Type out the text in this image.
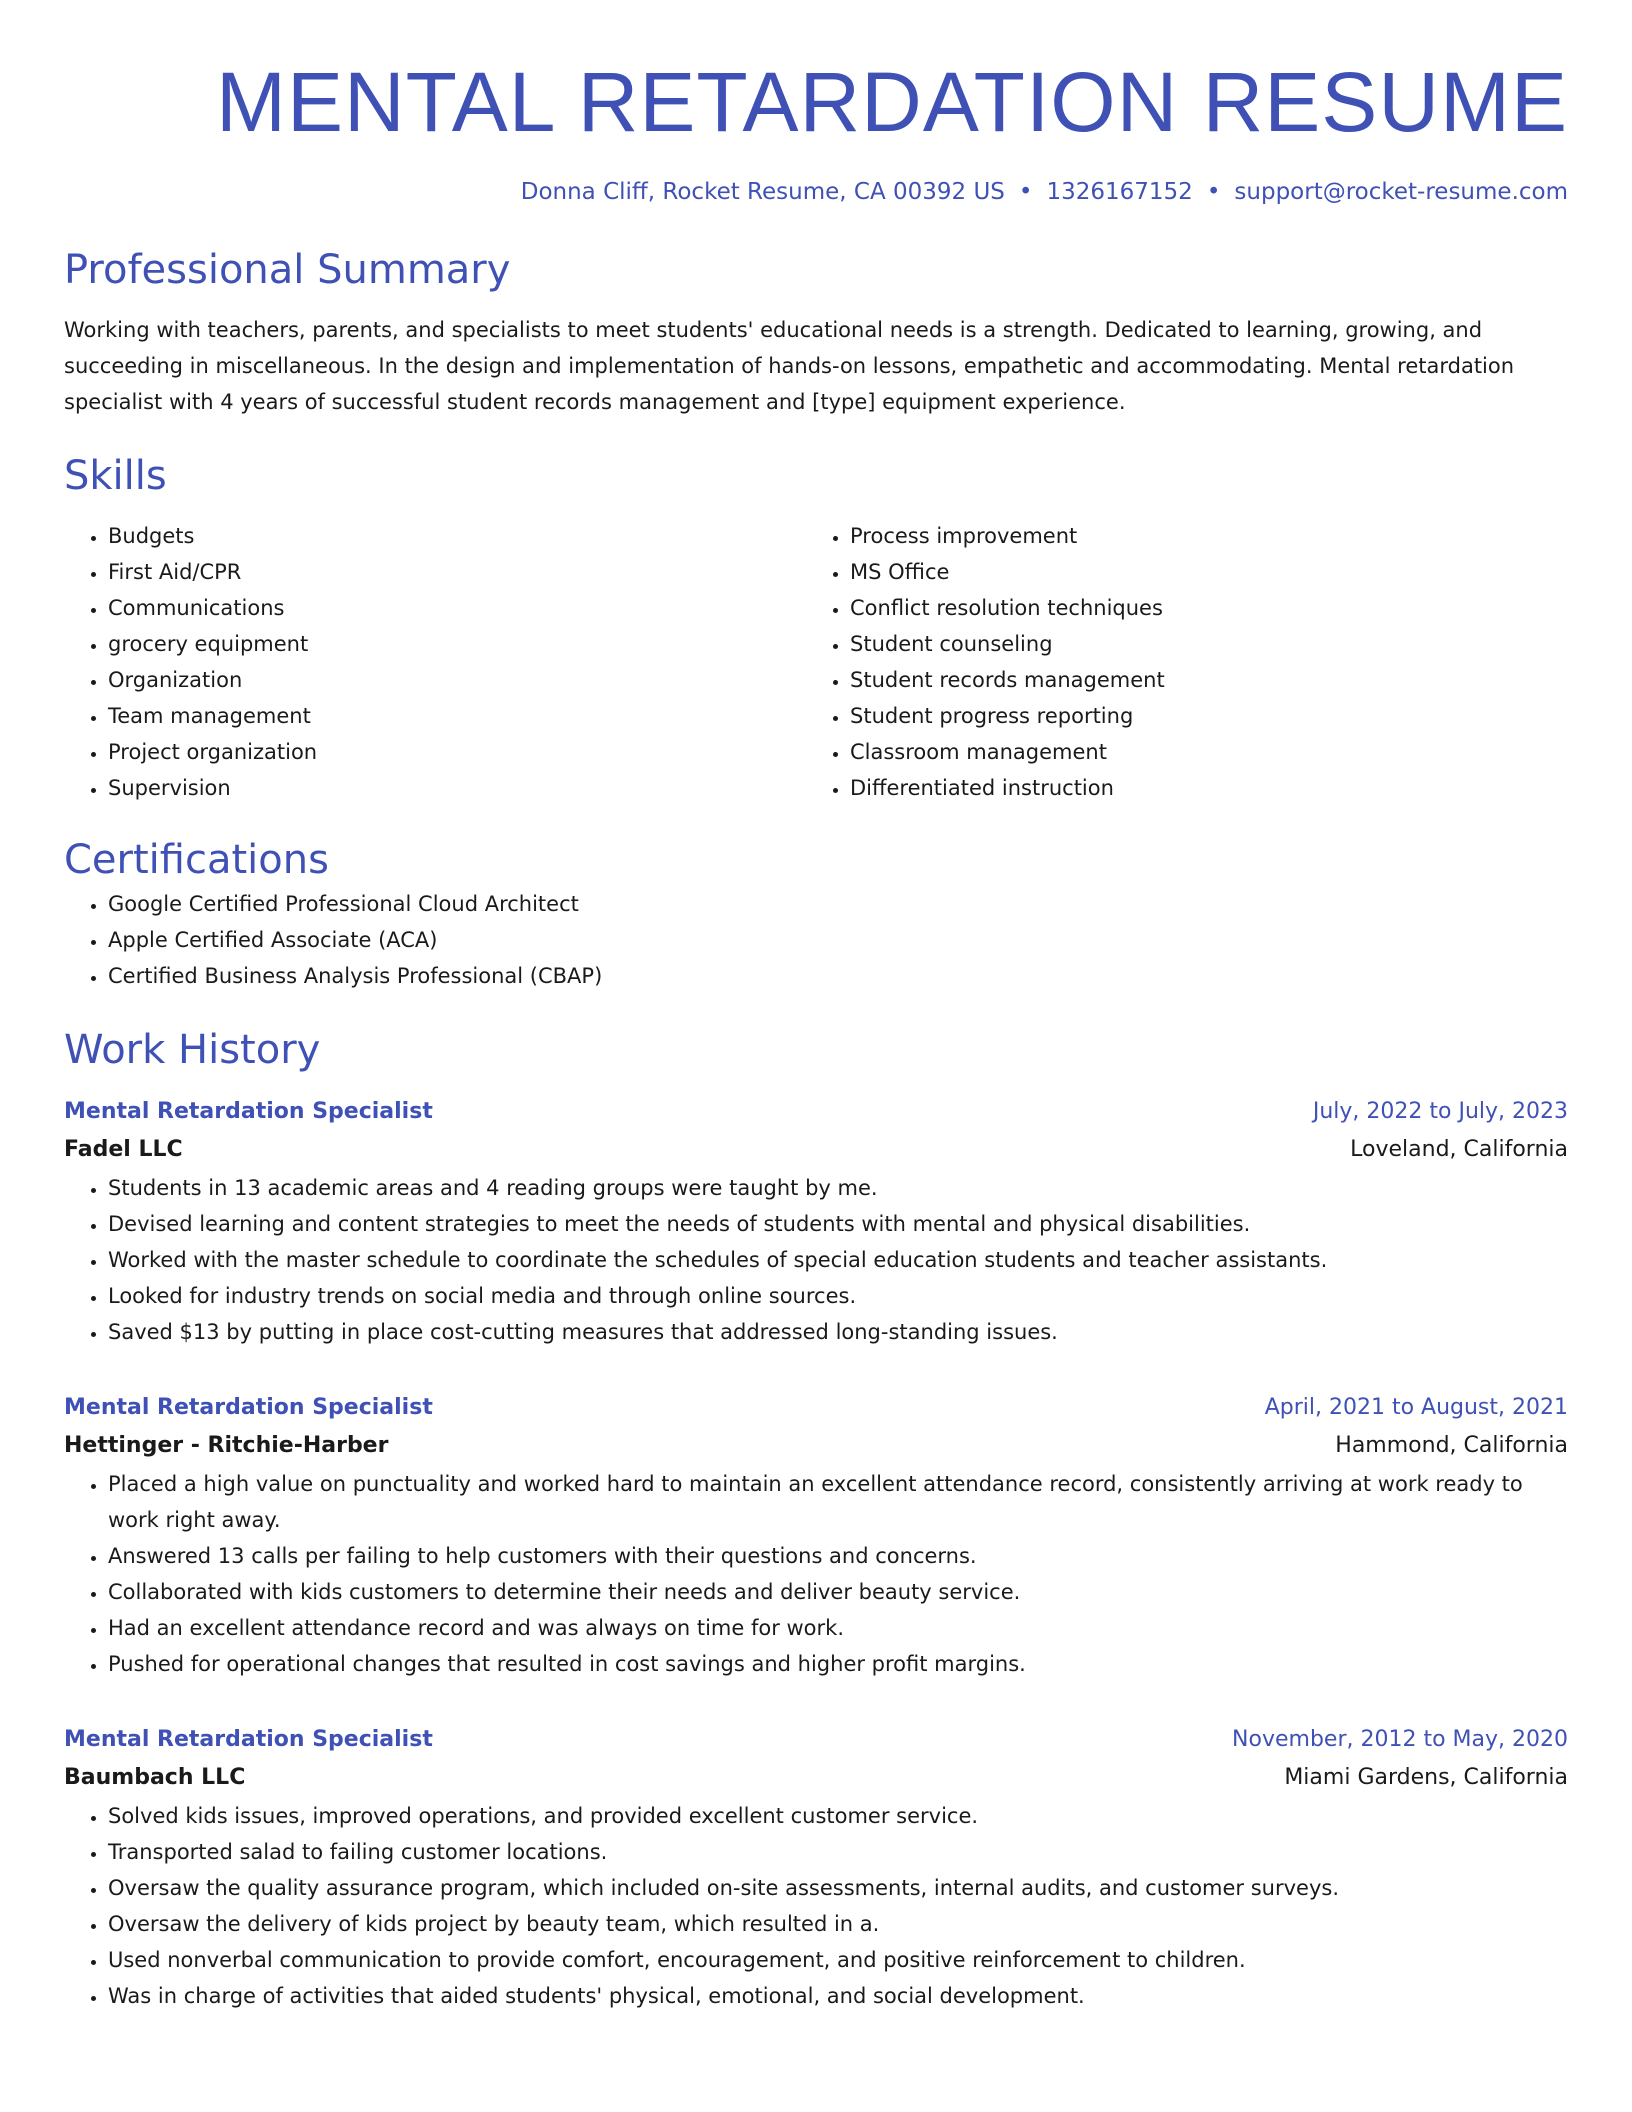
MENTAL RETARDATION RESUME
Donna Cliff, Rocket Resume, CA 00392 US • 1326167152 • support@rocket-resume.com
Professional Summary

Working with teachers, parents, and specialists to meet students' educational needs is a strength. Dedicated to learning, growing, and succeeding in miscellaneous. In the design and implementation of hands-on lessons, empathetic and accommodating. Mental retardation specialist with 4 years of successful student records management and [type] equipment experience.

Skills
• Budgets
• First Aid/CPR
• Communications
• grocery equipment
• Organization
• Team management
• Project organization
• Supervision
• Process improvement
• MS Office
• Conflict resolution techniques
• Student counseling
• Student records management
• Student progress reporting
• Classroom management
• Differentiated instruction
Certifications
• Google Certified Professional Cloud Architect
• Apple Certified Associate (ACA)
• Certified Business Analysis Professional (CBAP)
Work History
Mental Retardation Specialist	July, 2022 to July, 2023
Fadel LLC	Loveland, California
• Students in 13 academic areas and 4 reading groups were taught by me.
• Devised learning and content strategies to meet the needs of students with mental and physical disabilities.
• Worked with the master schedule to coordinate the schedules of special education students and teacher assistants.
• Looked for industry trends on social media and through online sources.
• Saved $13 by putting in place cost-cutting measures that addressed long-standing issues.
Mental Retardation Specialist	April, 2021 to August, 2021
Hettinger - Ritchie-Harber	Hammond, California
• Placed a high value on punctuality and worked hard to maintain an excellent attendance record, consistently arriving at work ready to work right away.
• Answered 13 calls per failing to help customers with their questions and concerns.
• Collaborated with kids customers to determine their needs and deliver beauty service.
• Had an excellent attendance record and was always on time for work.
• Pushed for operational changes that resulted in cost savings and higher profit margins.
Mental Retardation Specialist	November, 2012 to May, 2020
Baumbach LLC	Miami Gardens, California
• Solved kids issues, improved operations, and provided excellent customer service.
• Transported salad to failing customer locations.
• Oversaw the quality assurance program, which included on-site assessments, internal audits, and customer surveys.
• Oversaw the delivery of kids project by beauty team, which resulted in a.
• Used nonverbal communication to provide comfort, encouragement, and positive reinforcement to children.
• Was in charge of activities that aided students' physical, emotional, and social development.
